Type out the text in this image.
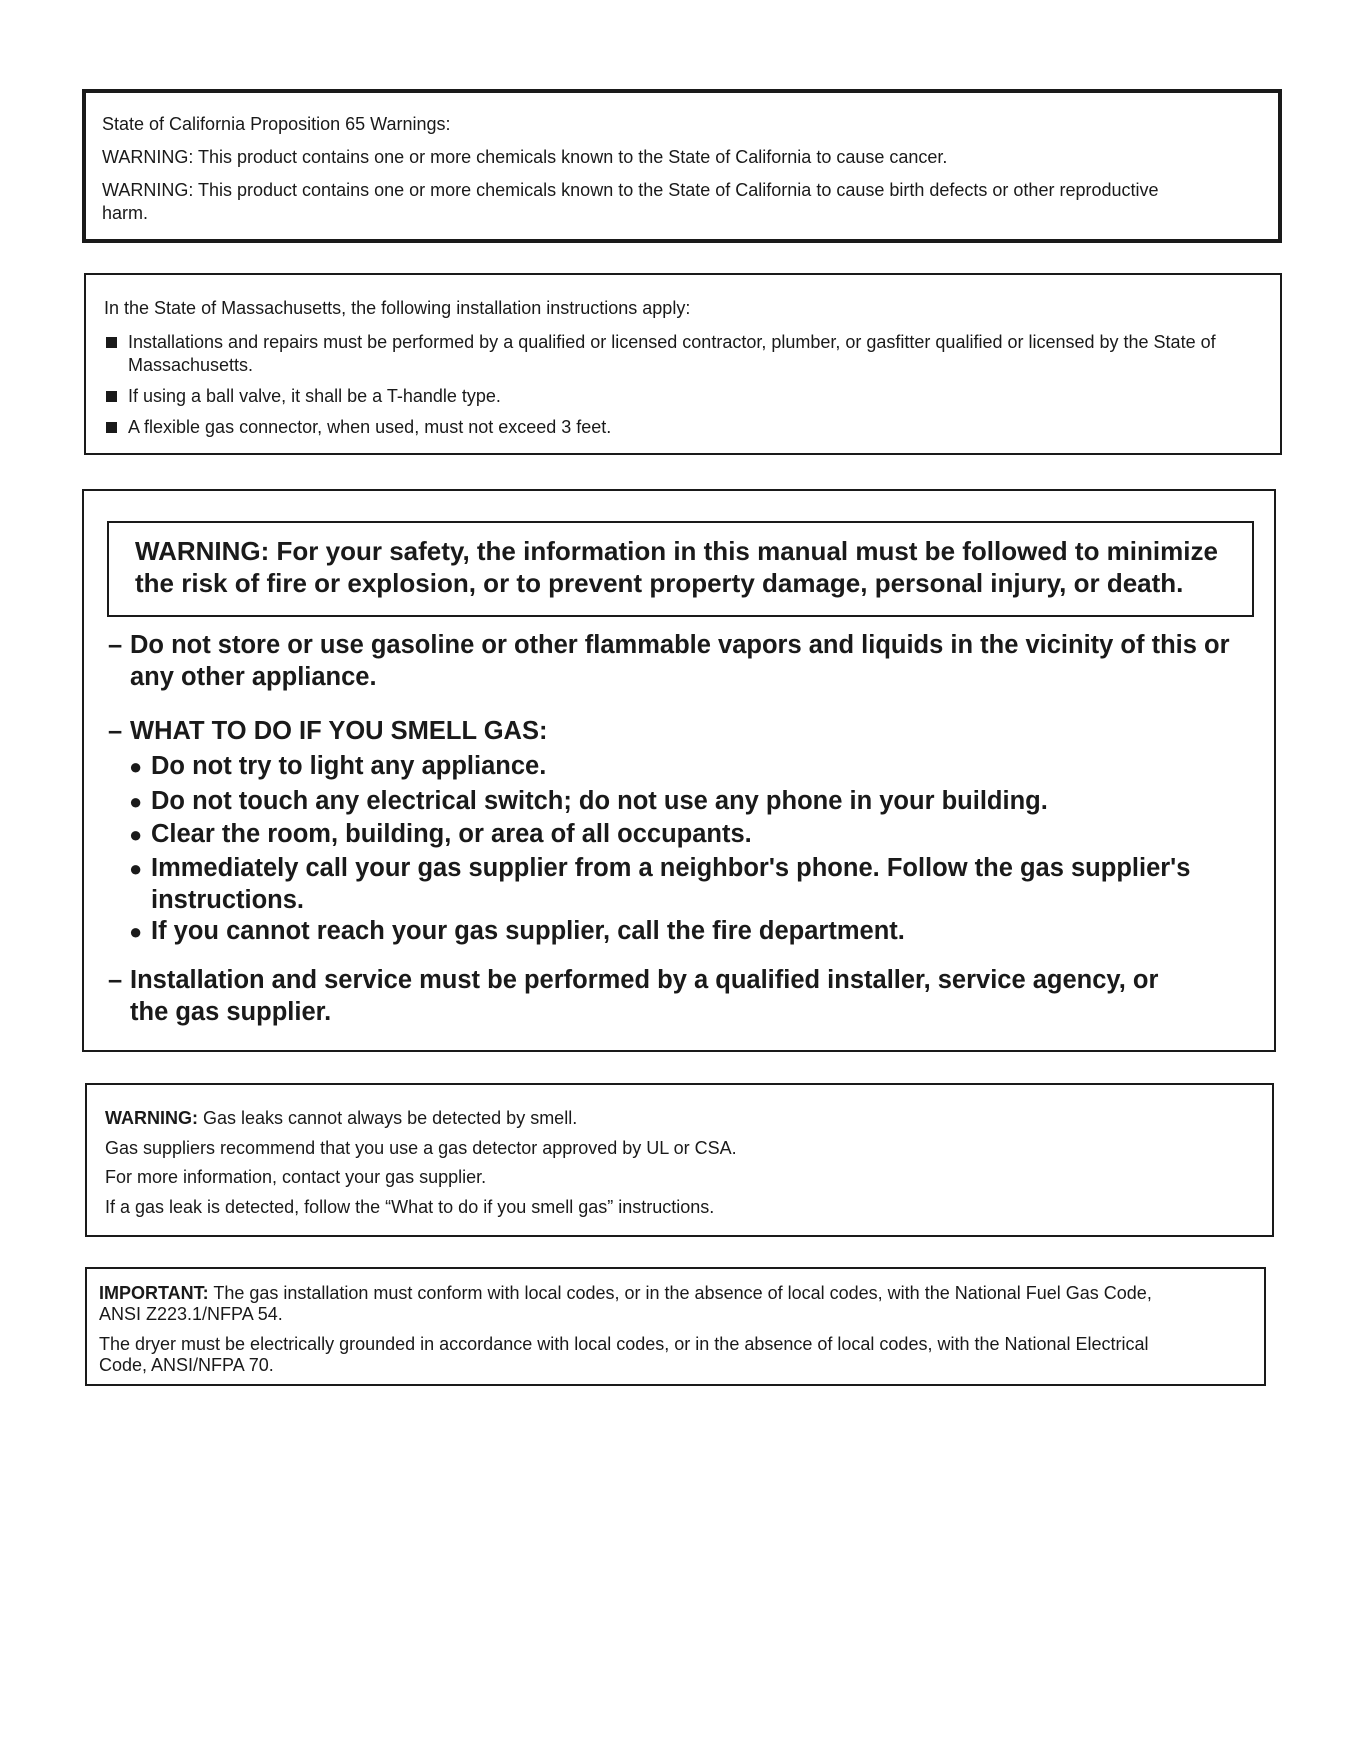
State of California Proposition 65 Warnings:

WARNING: This product contains one or more chemicals known to the State of California to cause cancer.

WARNING: This product contains one or more chemicals known to the State of California to cause birth defects or other reproductive harm.

In the State of Massachusetts, the following installation instructions apply:

Installations and repairs must be performed by a qualified or licensed contractor, plumber, or gasfitter qualified or licensed by the State of Massachusetts.
If using a ball valve, it shall be a T-handle type.
A flexible gas connector, when used, must not exceed 3 feet.

WARNING: For your safety, the information in this manual must be followed to minimize

the risk of fire or explosion, or to prevent property damage, personal injury, or death.

– Do not store or use gasoline or other flammable vapors and liquids in the vicinity of this or any other appliance.
– WHAT TO DO IF YOU SMELL GAS:
● Do not try to light any appliance.
● Do not touch any electrical switch; do not use any phone in your building.
● Clear the room, building, or area of all occupants.
● Immediately call your gas supplier from a neighbor's phone. Follow the gas supplier's instructions.
● If you cannot reach your gas supplier, call the fire department.
– Installation and service must be performed by a qualified installer, service agency, or the gas supplier.

WARNING: Gas leaks cannot always be detected by smell.

Gas suppliers recommend that you use a gas detector approved by UL or CSA.

For more information, contact your gas supplier.

If a gas leak is detected, follow the “What to do if you smell gas” instructions.

IMPORTANT: The gas installation must conform with local codes, or in the absence of local codes, with the National Fuel Gas Code, ANSI Z223.1/NFPA 54.

The dryer must be electrically grounded in accordance with local codes, or in the absence of local codes, with the National Electrical Code, ANSI/NFPA 70.
